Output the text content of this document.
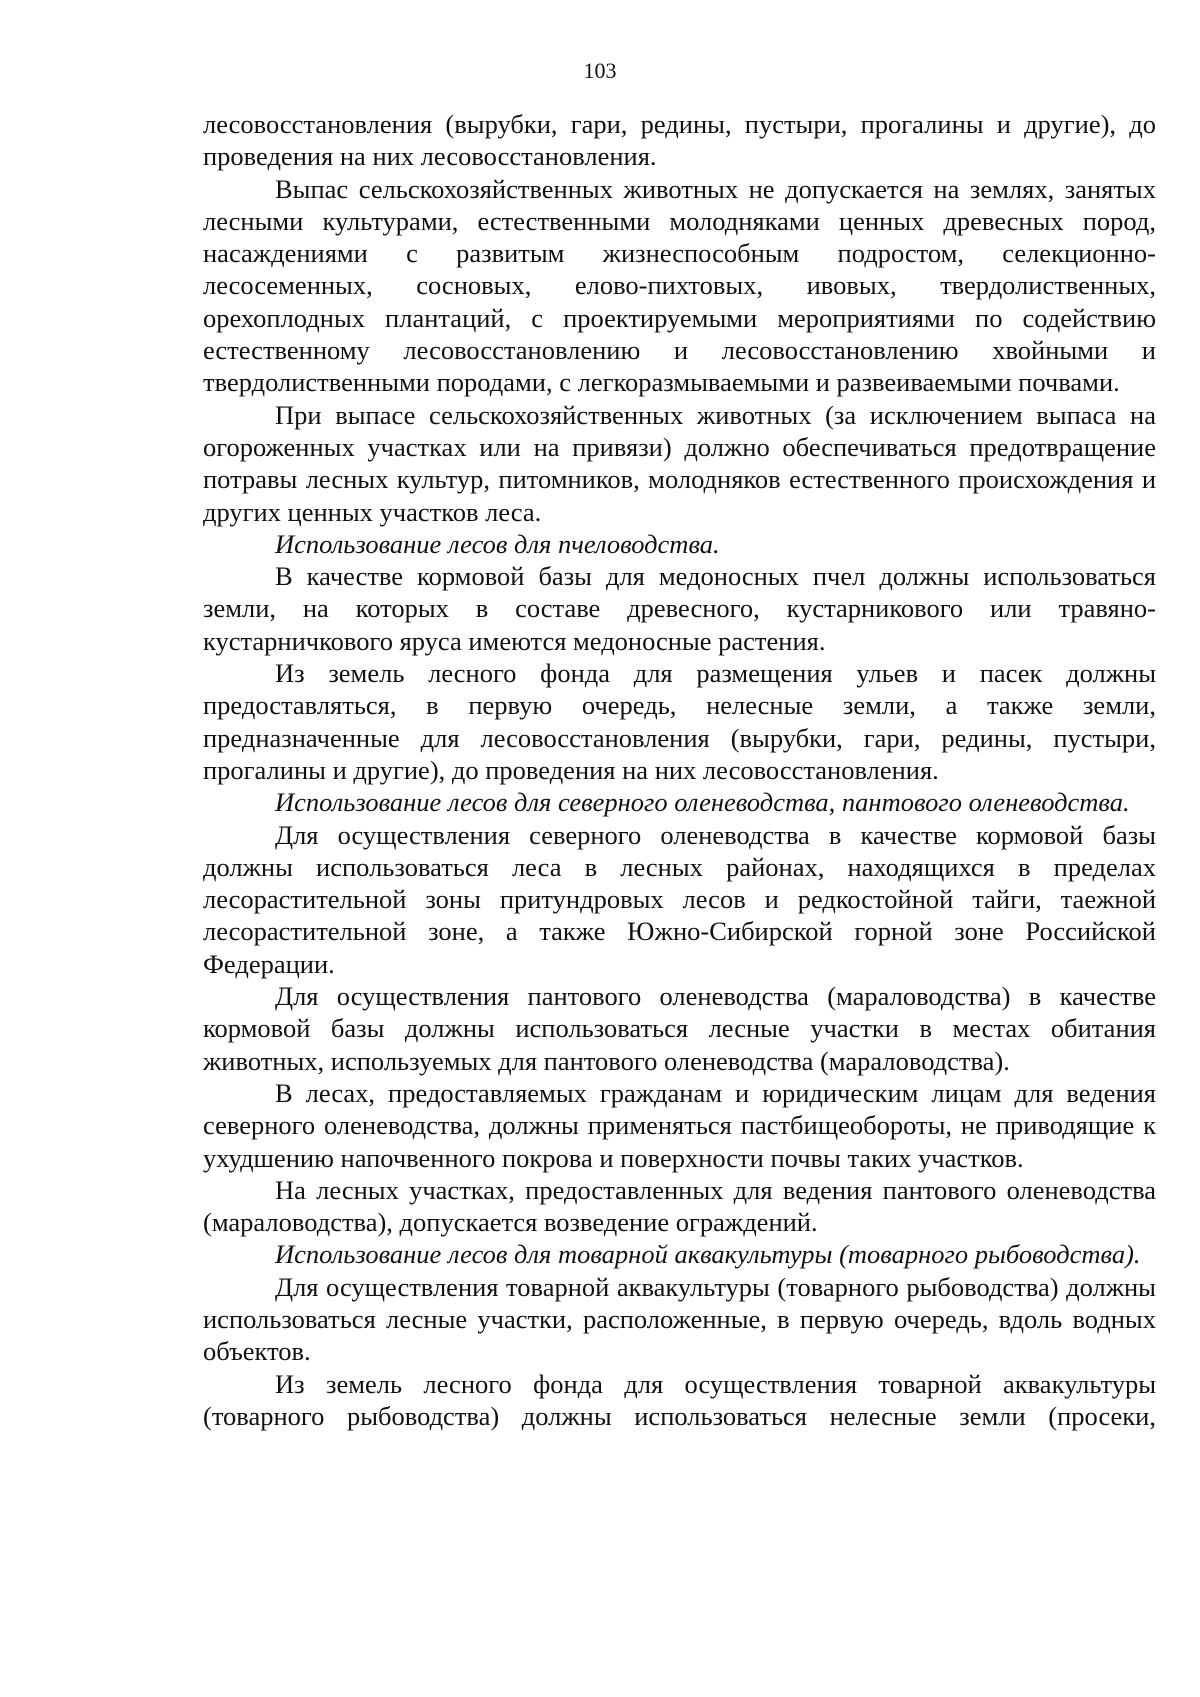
103

лесовосстановления (вырубки, гари, редины, пустыри, прогалины и другие), до проведения на них лесовосстановления.

Выпас сельскохозяйственных животных не допускается на землях, занятых лесными культурами, естественными молодняками ценных древесных пород, насаждениями с развитым жизнеспособным подростом, селекционно-лесосеменных, сосновых, елово-пихтовых, ивовых, твердолиственных, орехоплодных плантаций, с проектируемыми мероприятиями по содействию естественному лесовосстановлению и лесовосстановлению хвойными и твердолиственными породами, с легкоразмываемыми и развеиваемыми почвами.

При выпасе сельскохозяйственных животных (за исключением выпаса на огороженных участках или на привязи) должно обеспечиваться предотвращение потравы лесных культур, питомников, молодняков естественного происхождения и других ценных участков леса.

Использование лесов для пчеловодства.

В качестве кормовой базы для медоносных пчел должны использоваться земли, на которых в составе древесного, кустарникового или травяно-кустарничкового яруса имеются медоносные растения.

Из земель лесного фонда для размещения ульев и пасек должны предоставляться, в первую очередь, нелесные земли, а также земли, предназначенные для лесовосстановления (вырубки, гари, редины, пустыри, прогалины и другие), до проведения на них лесовосстановления.

Использование лесов для северного оленеводства, пантового оленеводства.

Для осуществления северного оленеводства в качестве кормовой базы должны использоваться леса в лесных районах, находящихся в пределах лесорастительной зоны притундровых лесов и редкостойной тайги, таежной лесорастительной зоне, а также Южно-Сибирской горной зоне Российской Федерации.

Для осуществления пантового оленеводства (мараловодства) в качестве кормовой базы должны использоваться лесные участки в местах обитания животных, используемых для пантового оленеводства (мараловодства).

В лесах, предоставляемых гражданам и юридическим лицам для ведения северного оленеводства, должны применяться пастбищеобороты, не приводящие к ухудшению напочвенного покрова и поверхности почвы таких участков.

На лесных участках, предоставленных для ведения пантового оленеводства (мараловодства), допускается возведение ограждений.

Использование лесов для товарной аквакультуры (товарного рыбоводства).

Для осуществления товарной аквакультуры (товарного рыбоводства) должны использоваться лесные участки, расположенные, в первую очередь, вдоль водных объектов.

Из земель лесного фонда для осуществления товарной аквакультуры (товарного рыбоводства) должны использоваться нелесные земли (просеки,
